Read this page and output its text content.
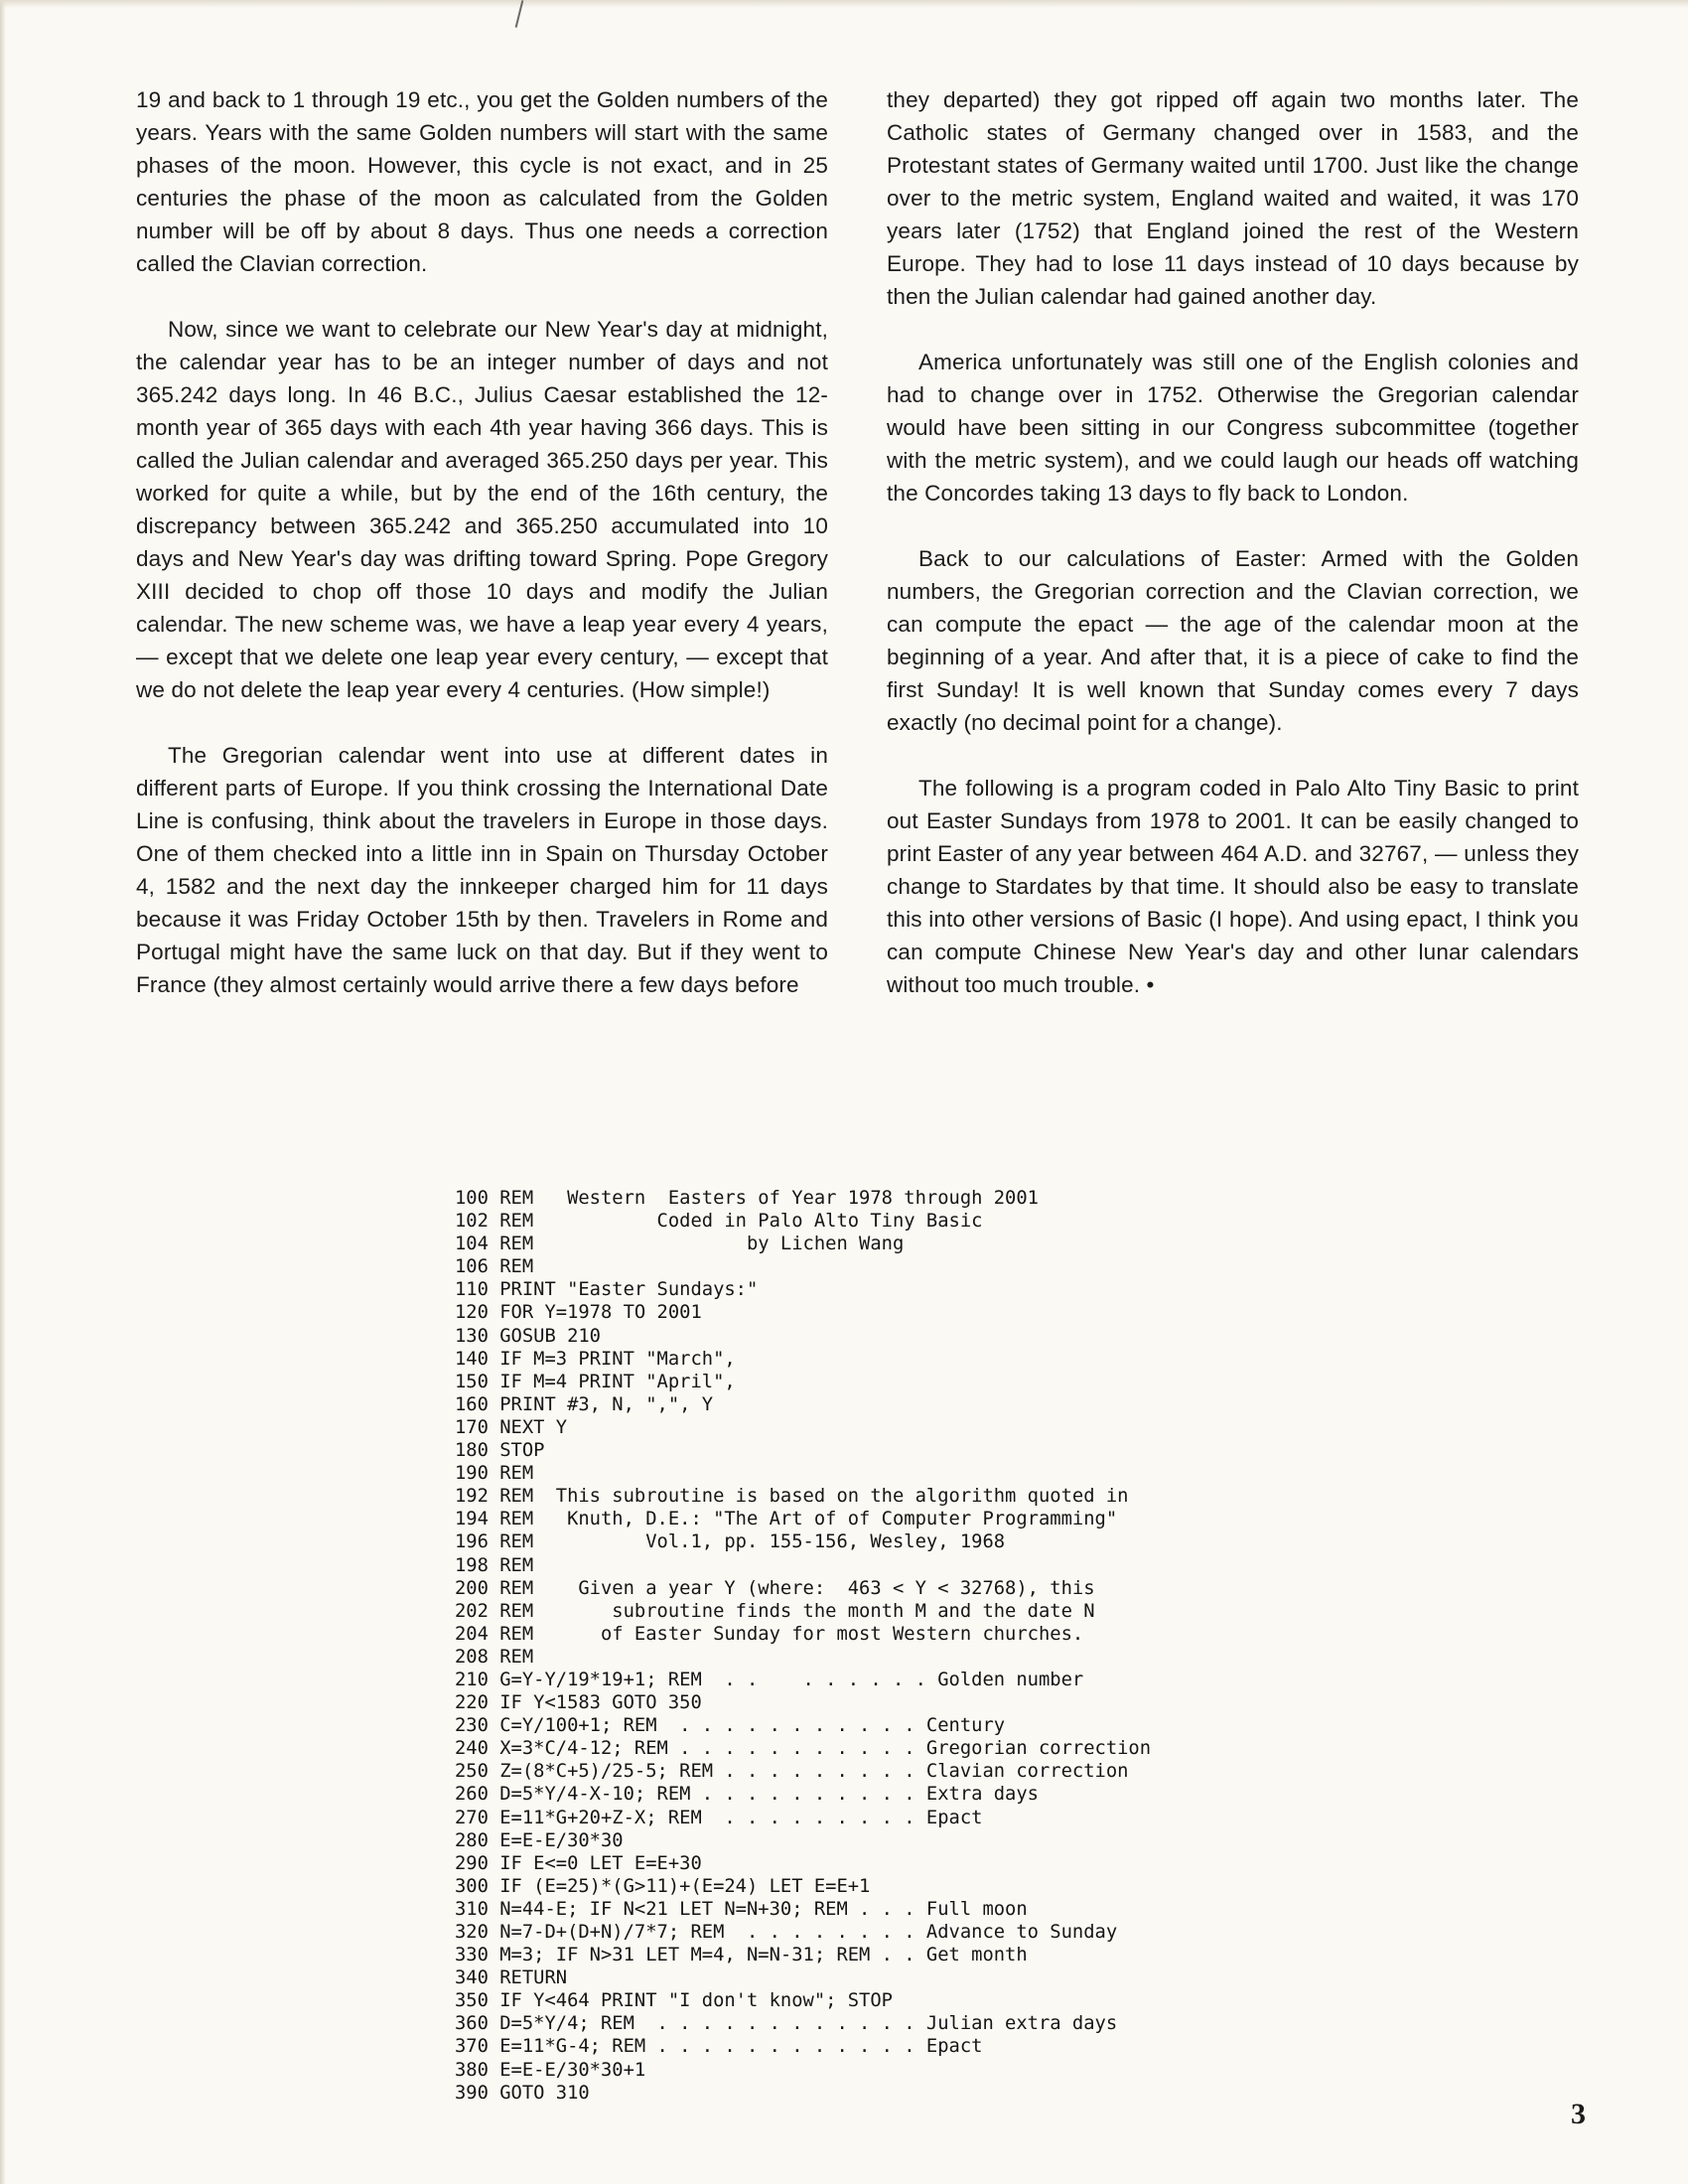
19 and back to 1 through 19 etc., you get the Golden numbers of the years. Years with the same Golden numbers will start with the same phases of the moon. However, this cycle is not exact, and in 25 centuries the phase of the moon as calculated from the Golden number will be off by about 8 days. Thus one needs a correction called the Clavian correction.

Now, since we want to celebrate our New Year's day at midnight, the calendar year has to be an integer number of days and not 365.242 days long. In 46 B.C., Julius Caesar established the 12-month year of 365 days with each 4th year having 366 days. This is called the Julian calendar and averaged 365.250 days per year. This worked for quite a while, but by the end of the 16th century, the discrepancy between 365.242 and 365.250 accumulated into 10 days and New Year's day was drifting toward Spring. Pope Gregory XIII decided to chop off those 10 days and modify the Julian calendar. The new scheme was, we have a leap year every 4 years, — except that we delete one leap year every century, — except that we do not delete the leap year every 4 centuries. (How simple!)

The Gregorian calendar went into use at different dates in different parts of Europe. If you think crossing the International Date Line is confusing, think about the travelers in Europe in those days. One of them checked into a little inn in Spain on Thursday October 4, 1582 and the next day the innkeeper charged him for 11 days because it was Friday October 15th by then. Travelers in Rome and Portugal might have the same luck on that day. But if they went to France (they almost certainly would arrive there a few days before

they departed) they got ripped off again two months later. The Catholic states of Germany changed over in 1583, and the Protestant states of Germany waited until 1700. Just like the change over to the metric system, England waited and waited, it was 170 years later (1752) that England joined the rest of the Western Europe. They had to lose 11 days instead of 10 days because by then the Julian calendar had gained another day.

America unfortunately was still one of the English colonies and had to change over in 1752. Otherwise the Gregorian calendar would have been sitting in our Congress subcommittee (together with the metric system), and we could laugh our heads off watching the Concordes taking 13 days to fly back to London.

Back to our calculations of Easter: Armed with the Golden numbers, the Gregorian correction and the Clavian correction, we can compute the epact — the age of the calendar moon at the beginning of a year. And after that, it is a piece of cake to find the first Sunday! It is well known that Sunday comes every 7 days exactly (no decimal point for a change).

The following is a program coded in Palo Alto Tiny Basic to print out Easter Sundays from 1978 to 2001. It can be easily changed to print Easter of any year between 464 A.D. and 32767, — unless they change to Stardates by that time. It should also be easy to translate this into other versions of Basic (I hope). And using epact, I think you can compute Chinese New Year's day and other lunar calendars without too much trouble. •

100 REM   Western  Easters of Year 1978 through 2001
102 REM           Coded in Palo Alto Tiny Basic
104 REM                   by Lichen Wang
106 REM
110 PRINT "Easter Sundays:"
120 FOR Y=1978 TO 2001
130 GOSUB 210
140 IF M=3 PRINT "March",
150 IF M=4 PRINT "April",
160 PRINT #3, N, ",", Y
170 NEXT Y
180 STOP
190 REM
192 REM  This subroutine is based on the algorithm quoted in
194 REM   Knuth, D.E.: "The Art of of Computer Programming"
196 REM          Vol.1, pp. 155-156, Wesley, 1968
198 REM
200 REM    Given a year Y (where:  463 < Y < 32768), this
202 REM       subroutine finds the month M and the date N
204 REM      of Easter Sunday for most Western churches.
208 REM
210 G=Y-Y/19*19+1; REM  . .    . . . . . . Golden number
220 IF Y<1583 GOTO 350
230 C=Y/100+1; REM  . . . . . . . . . . . Century
240 X=3*C/4-12; REM . . . . . . . . . . . Gregorian correction
250 Z=(8*C+5)/25-5; REM . . . . . . . . . Clavian correction
260 D=5*Y/4-X-10; REM . . . . . . . . . . Extra days
270 E=11*G+20+Z-X; REM  . . . . . . . . . Epact
280 E=E-E/30*30
290 IF E<=0 LET E=E+30
300 IF (E=25)*(G>11)+(E=24) LET E=E+1
310 N=44-E; IF N<21 LET N=N+30; REM . . . Full moon
320 N=7-D+(D+N)/7*7; REM  . . . . . . . . Advance to Sunday
330 M=3; IF N>31 LET M=4, N=N-31; REM . . Get month
340 RETURN
350 IF Y<464 PRINT "I don't know"; STOP
360 D=5*Y/4; REM  . . . . . . . . . . . . Julian extra days
370 E=11*G-4; REM . . . . . . . . . . . . Epact
380 E=E-E/30*30+1
390 GOTO 310
3
